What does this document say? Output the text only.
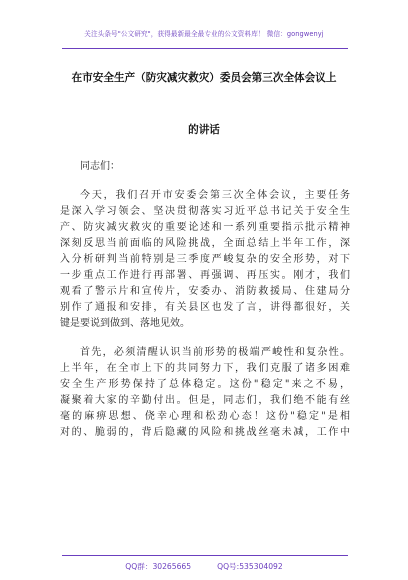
关注头条号"公文研究"，获得最新最全最专业的公文资料库！ 微信：gongwenyj
在市安全生产（防灾减灾救灾）委员会第三次全体会议上
的讲话
同志们：
今天，我们召开市安委会第三次全体会议，主要任务
是深入学习领会、坚决贯彻落实习近平总书记关于安全生
产、防灾减灾救灾的重要论述和一系列重要指示批示精神
深刻反思当前面临的风险挑战，全面总结上半年工作，深
入分析研判当前特别是三季度严峻复杂的安全形势，对下
一步重点工作进行再部署、再强调、再压实。刚才，我们
观看了警示片和宣传片，安委办、消防救援局、住建局分
别作了通报和安排，有关县区也发了言，讲得都很好，关
键是要说到做到、落地见效。
首先，必须清醒认识当前形势的极端严峻性和复杂性。
上半年，在全市上下的共同努力下，我们克服了诸多困难
安全生产形势保持了总体稳定。这份"稳定"来之不易，
凝聚着大家的辛勤付出。但是，同志们，我们绝不能有丝
毫的麻痹思想、侥幸心理和松劲心态！这份"稳定"是相
对的、脆弱的，背后隐藏的风险和挑战丝毫未减，工作中
QQ群：30265665	QQ号:535304092
